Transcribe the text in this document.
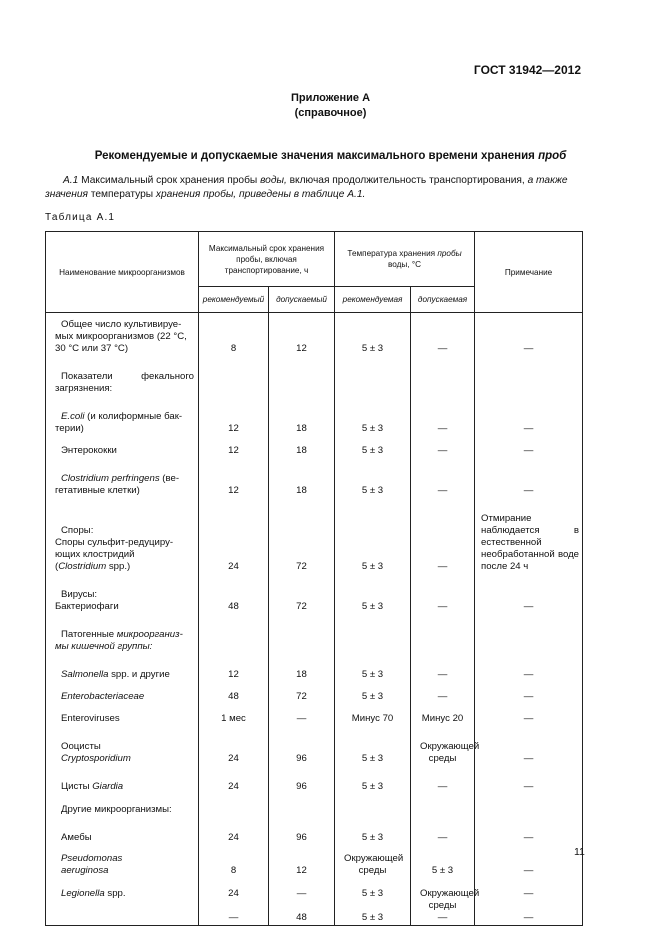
ГОСТ 31942—2012
Приложение А
(справочное)
Рекомендуемые и допускаемые значения максимального времени хранения проб
А.1 Максимальный срок хранения пробы воды, включая продолжительность транспортирования, а также значения температуры хранения пробы, приведены в таблице А.1.
Таблица А.1
Наименование микроорганизмов	Максимальный срок хранения пробы, включая транспортирование, ч		Температура хранения пробы воды, °С		Примечание
	рекомендуемый	допускаемый	рекомендуемая	допускаемая	

Общее число культивируе-
мых микроорганизмов (22 °С,
30 °С или 37 °С)	8	12	5 ± 3	—	—

Показатели фекального
загрязнения:					

E.coli (и колиформные бак-
терии)	12	18	5 ± 3	—	—

Энтерококки	12	18	5 ± 3	—	—

Clostridium perfringens (ве-
гетативные клетки)	12	18	5 ± 3	—	—

Споры:
Споры сульфит-редуциру-
ющих клостридий
(Clostridium spp.)	24	72	5 ± 3	—	Отмирание наблюдается в естественной необработанной воде после 24 ч

Вирусы:
Бактериофаги	48	72	5 ± 3	—	—

Патогенные микроорганиз-
мы кишечной группы:					

Salmonella spp. и другие	12	18	5 ± 3	—	—

Enterobacteriaceae	48	72	5 ± 3	—	—

Enteroviruses	1 мес	—	Минус 70	Минус 20	—

Ооцисты
Cryptosporidium	24	96	5 ± 3	Окружающей среды	—

Цисты Giardia	24	96	5 ± 3	—	—

Другие микроорганизмы:					

Амебы	24	96	5 ± 3	—	—

Pseudomonas
aeruginosa	8	12	Окружающей среды	5 ± 3	—

Legionella spp.	24	—	5 ± 3	Окружающей среды	—
	—	48	5 ± 3	—	—
11
